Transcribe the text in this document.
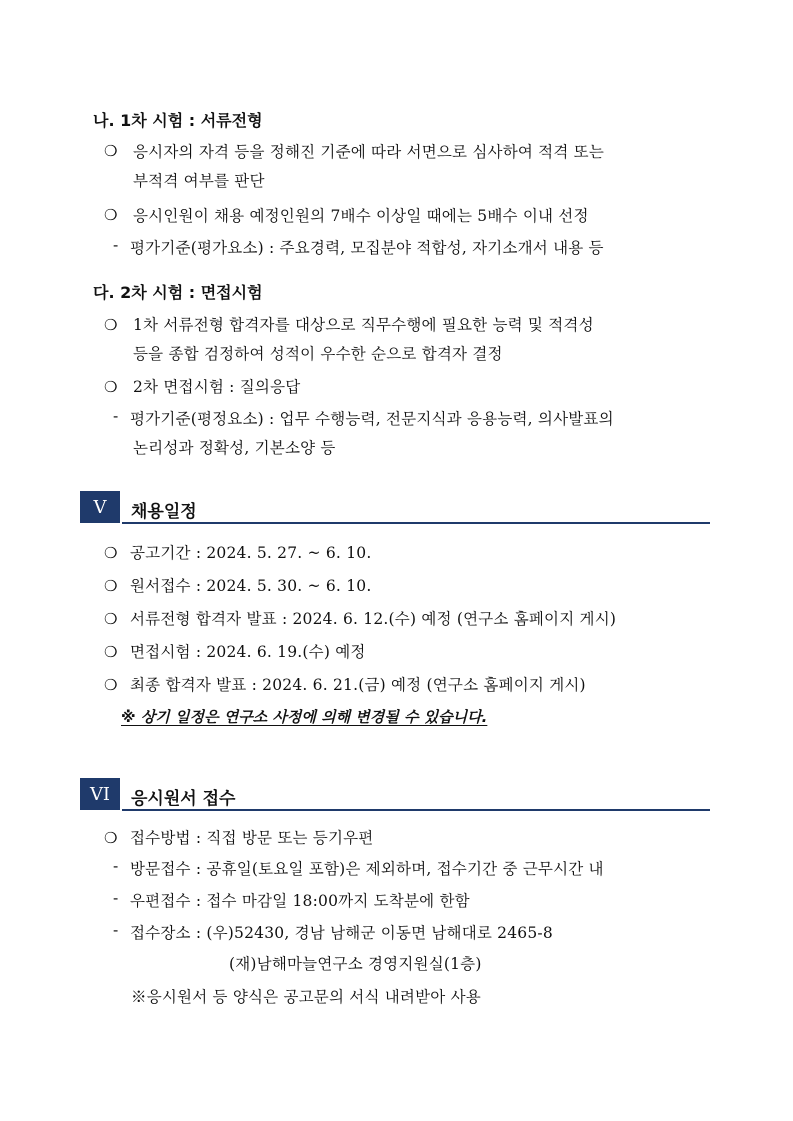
나. 1차 시험 : 서류전형
❍ 응시자의 자격 등을 정해진 기준에 따라 서면으로 심사하여 적격 또는
부적격 여부를 판단
❍ 응시인원이 채용 예정인원의 7배수 이상일 때에는 5배수 이내 선정
- 평가기준(평가요소) : 주요경력, 모집분야 적합성, 자기소개서 내용 등
다. 2차 시험 : 면접시험
❍ 1차 서류전형 합격자를 대상으로 직무수행에 필요한 능력 및 적격성
등을 종합 검정하여 성적이 우수한 순으로 합격자 결정
❍ 2차 면접시험 : 질의응답
- 평가기준(평정요소) : 업무 수행능력, 전문지식과 응용능력, 의사발표의
논리성과 정확성, 기본소양 등
V	채용일정
❍ 공고기간 : 2024. 5. 27. ~ 6. 10.
❍ 원서접수 : 2024. 5. 30. ~ 6. 10.
❍ 서류전형 합격자 발표 : 2024. 6. 12.(수) 예정 (연구소 홈페이지 게시)
❍ 면접시험 : 2024. 6. 19.(수) 예정
❍ 최종 합격자 발표 : 2024. 6. 21.(금) 예정 (연구소 홈페이지 게시)
※ 상기 일정은 연구소 사정에 의해 변경될 수 있습니다.
VI	응시원서 접수
❍ 접수방법 : 직접 방문 또는 등기우편
- 방문접수 : 공휴일(토요일 포함)은 제외하며, 접수기간 중 근무시간 내
- 우편접수 : 접수 마감일 18:00까지 도착분에 한함
- 접수장소 : (우)52430, 경남 남해군 이동면 남해대로 2465-8
(재)남해마늘연구소 경영지원실(1층)
※응시원서 등 양식은 공고문의 서식 내려받아 사용
